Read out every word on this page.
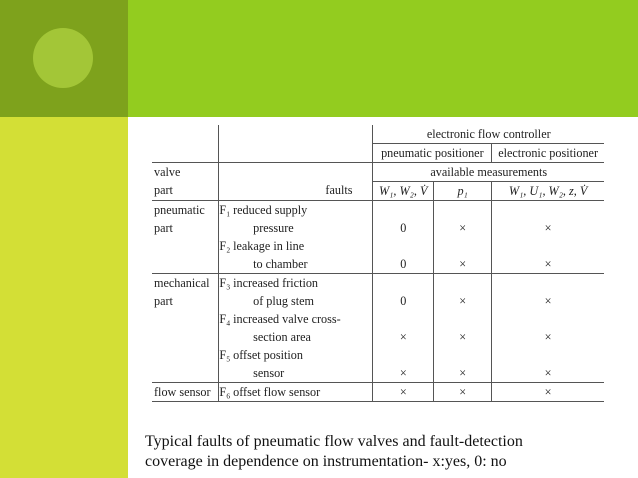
			electronic flow controller		
			pneumatic positioner		electronic positioner
valve			available measurements		
part		faults	W₁, W₂, V̇	p₁	W₁, U₁, W₂, z, V̇
pneumatic	F₁	reduced supply			
part		pressure	0	×	×
	F₂	leakage in line			
		to chamber	0	×	×
mechanical	F₃	increased friction			
part		of plug stem	0	×	×
	F₄	increased valve cross-			
		section area	×	×	×
	F₅	offset position			
		sensor	×	×	×
flow sensor	F₆	offset flow sensor	×	×	×
Typical faults of pneumatic flow valves and fault-detection
coverage in dependence on instrumentation- x:yes, 0: no
